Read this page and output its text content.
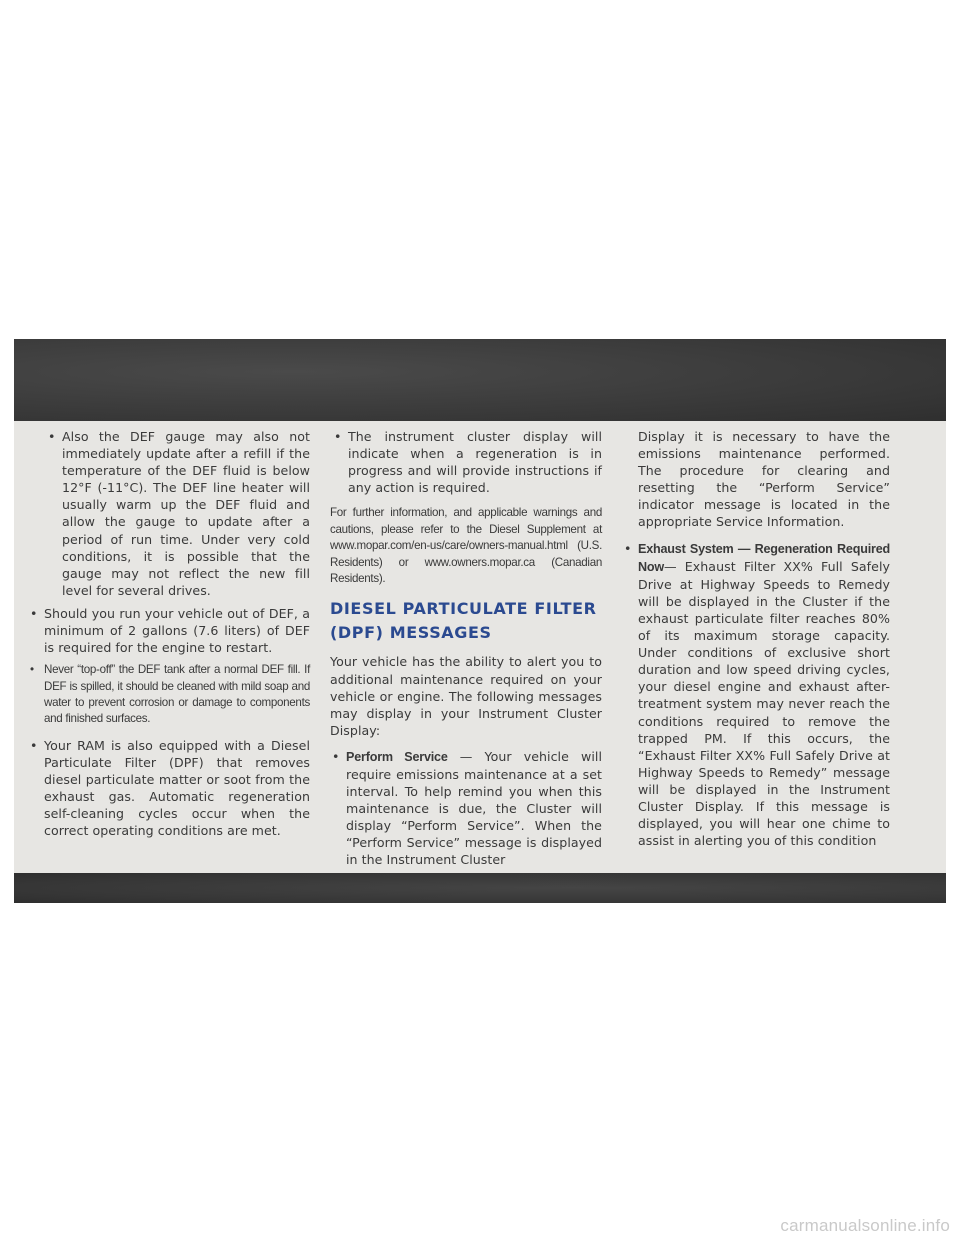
• Also the DEF gauge may also not immediately update after a refill if the temperature of the DEF fluid is below 12°F (-11°C). The DEF line heater will usually warm up the DEF fluid and allow the gauge to update after a period of run time. Under very cold conditions, it is possible that the gauge may not reflect the new fill level for several drives.
• Should you run your vehicle out of DEF, a minimum of 2 gallons (7.6 liters) of DEF is required for the engine to restart.
• Never “top-off” the DEF tank after a normal DEF fill. If DEF is spilled, it should be cleaned with mild soap and water to prevent corrosion or damage to components and finished surfaces.
• Your RAM is also equipped with a Diesel Particulate Filter (DPF) that removes diesel particulate matter or soot from the exhaust gas. Automatic regeneration self-cleaning cycles occur when the correct operating conditions are met.
• The instrument cluster display will indicate when a regeneration is in progress and will provide instructions if any action is required.

For further information, and applicable warnings and cautions, please refer to the Diesel Supplement at www.mopar.com/en-us/care/owners-manual.html (U.S. Residents) or www.owners.mopar.ca (Canadian Residents).

DIESEL PARTICULATE FILTER (DPF) MESSAGES

Your vehicle has the ability to alert you to additional maintenance required on your vehicle or engine. The following messages may display in your Instrument Cluster Display:

• Perform Service — Your vehicle will require emissions maintenance at a set interval. To help remind you when this maintenance is due, the Cluster will display “Perform Service”. When the “Perform Service” message is displayed in the Instrument Cluster

Display it is necessary to have the emissions maintenance performed. The procedure for clearing and resetting the “Perform Service” indicator message is located in the appropriate Service Information.

• Exhaust System — Regeneration Required Now— Exhaust Filter XX% Full Safely Drive at Highway Speeds to Remedy will be displayed in the Cluster if the exhaust particulate filter reaches 80% of its maximum storage capacity. Under conditions of exclusive short duration and low speed driving cycles, your diesel engine and exhaust after-treatment system may never reach the conditions required to remove the trapped PM. If this occurs, the “Exhaust Filter XX% Full Safely Drive at Highway Speeds to Remedy” message will be displayed in the Instrument Cluster Display. If this message is displayed, you will hear one chime to assist in alerting you of this condition
carmanualsonline.info
